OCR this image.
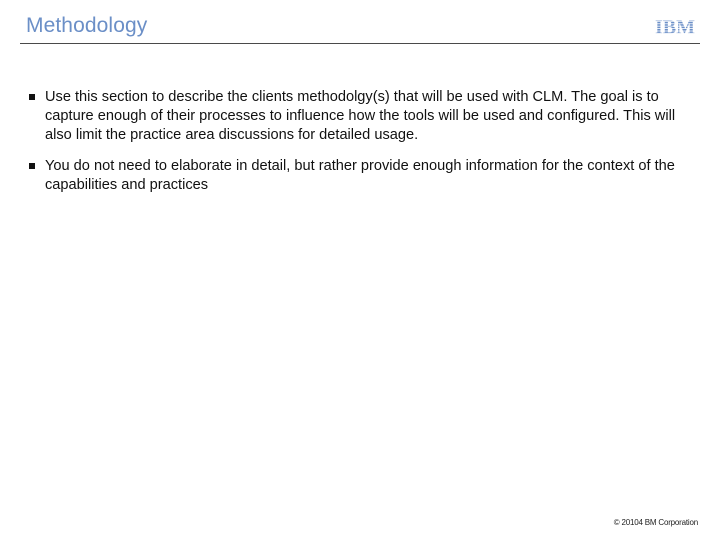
Methodology	IBM
Use this section to describe the clients methodolgy(s) that will be used with CLM. The goal is to capture enough of their processes to influence how the tools will be used and configured. This will also limit the practice area discussions for detailed usage.
You do not need to elaborate in detail, but rather provide enough information for the context of the capabilities and practices
© 20104 BM Corporation
